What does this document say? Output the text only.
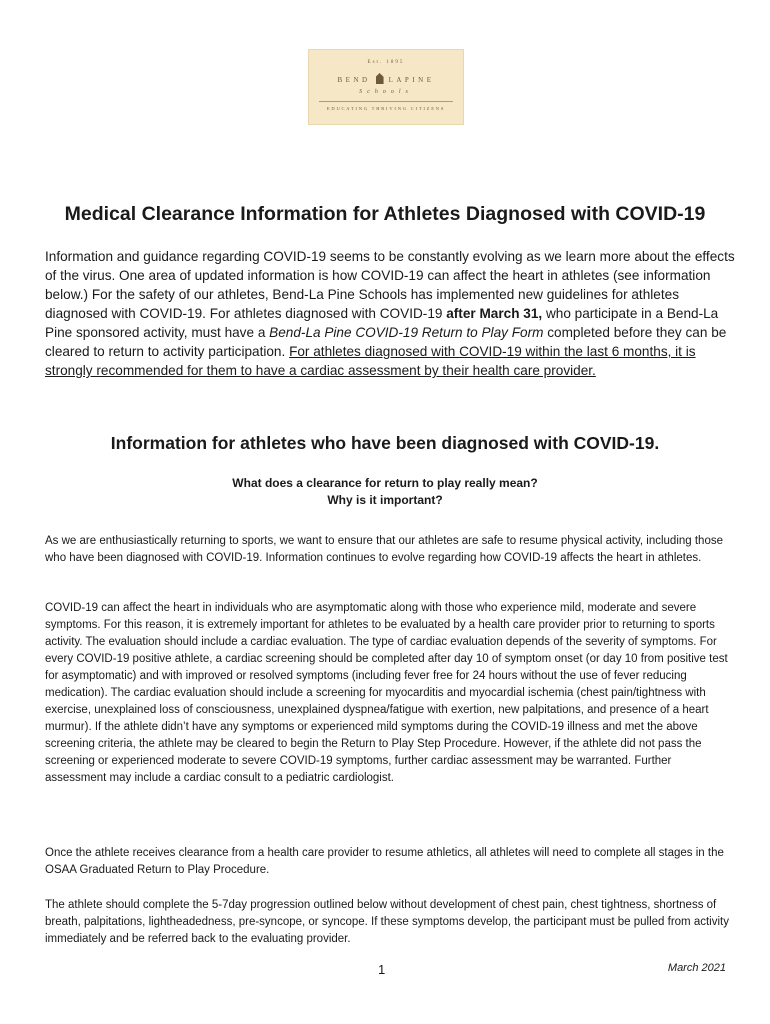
Est. 1895
BEND	LAPINE
Schools
EDUCATING THRIVING CITIZENS
Medical Clearance Information for Athletes Diagnosed with COVID-19

Information and guidance regarding COVID-19 seems to be constantly evolving as we learn more about the effects of the virus. One area of updated information is how COVID-19 can affect the heart in athletes (see information below.) For the safety of our athletes, Bend-La Pine Schools has implemented new guidelines for athletes diagnosed with COVID-19. For athletes diagnosed with COVID-19 after March 31, who participate in a Bend-La Pine sponsored activity, must have a Bend-La Pine COVID-19 Return to Play Form completed before they can be cleared to return to activity participation. For athletes diagnosed with COVID-19 within the last 6 months, it is strongly recommended for them to have a cardiac assessment by their health care provider.

Information for athletes who have been diagnosed with COVID-19.
What does a clearance for return to play really mean?
Why is it important?

As we are enthusiastically returning to sports, we want to ensure that our athletes are safe to resume physical activity, including those who have been diagnosed with COVID-19. Information continues to evolve regarding how COVID-19 affects the heart in athletes.

COVID-19 can affect the heart in individuals who are asymptomatic along with those who experience mild, moderate and severe symptoms. For this reason, it is extremely important for athletes to be evaluated by a health care provider prior to returning to sports activity. The evaluation should include a cardiac evaluation. The type of cardiac evaluation depends of the severity of symptoms. For every COVID-19 positive athlete, a cardiac screening should be completed after day 10 of symptom onset (or day 10 from positive test for asymptomatic) and with improved or resolved symptoms (including fever free for 24 hours without the use of fever reducing medication). The cardiac evaluation should include a screening for myocarditis and myocardial ischemia (chest pain/tightness with exercise, unexplained loss of consciousness, unexplained dyspnea/fatigue with exertion, new palpitations, and presence of a heart murmur). If the athlete didn’t have any symptoms or experienced mild symptoms during the COVID-19 illness and met the above screening criteria, the athlete may be cleared to begin the Return to Play Step Procedure. However, if the athlete did not pass the screening or experienced moderate to severe COVID-19 symptoms, further cardiac assessment may be warranted. Further assessment may include a cardiac consult to a pediatric cardiologist.

Once the athlete receives clearance from a health care provider to resume athletics, all athletes will need to complete all stages in the OSAA Graduated Return to Play Procedure.

The athlete should complete the 5-7day progression outlined below without development of chest pain, chest tightness, shortness of breath, palpitations, lightheadedness, pre-syncope, or syncope. If these symptoms develop, the participant must be pulled from activity immediately and be referred back to the evaluating provider.

1	March 2021
